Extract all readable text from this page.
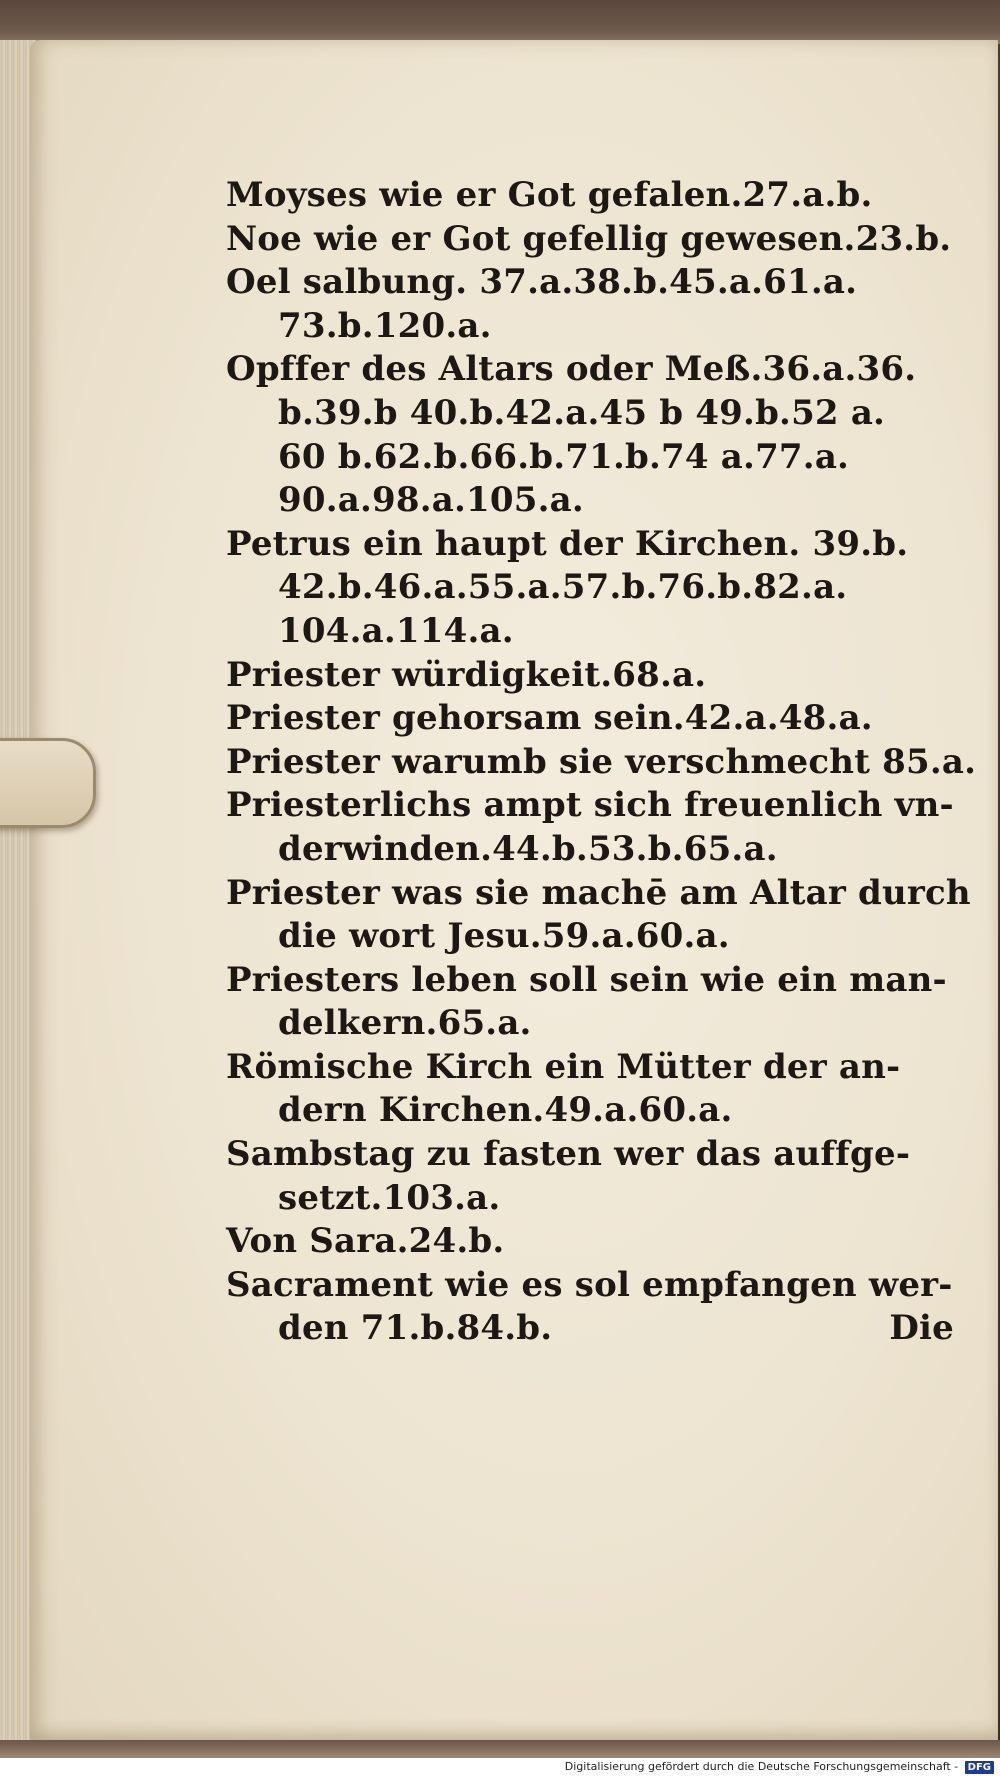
Moyses wie er Got gefalen.27.a.b.
Noe wie er Got gefellig gewesen.23.b.
Oel salbung. 37.a.38.b.45.a.61.a.
73.b.120.a.
Opffer des Altars oder Meß.36.a.36.
b.39.b 40.b.42.a.45 b 49.b.52 a.
60 b.62.b.66.b.71.b.74 a.77.a.
90.a.98.a.105.a.
Petrus ein haupt der Kirchen. 39.b.
42.b.46.a.55.a.57.b.76.b.82.a.
104.a.114.a.
Priester würdigkeit.68.a.
Priester gehorsam sein.42.a.48.a.
Priester warumb sie verschmecht 85.a.
Priesterlichs ampt sich freuenlich vn-
derwinden.44.b.53.b.65.a.
Priester was sie machē am Altar durch
die wort Jesu.59.a.60.a.
Priesters leben soll sein wie ein man-
delkern.65.a.
Römische Kirch ein Mütter der an-
dern Kirchen.49.a.60.a.
Sambstag zu fasten wer das auffge-
setzt.103.a.
Von Sara.24.b.
Sacrament wie es sol empfangen wer-
den 71.b.84.b.	Die
Digitalisierung gefördert durch die Deutsche Forschungsgemeinschaft - DFG
